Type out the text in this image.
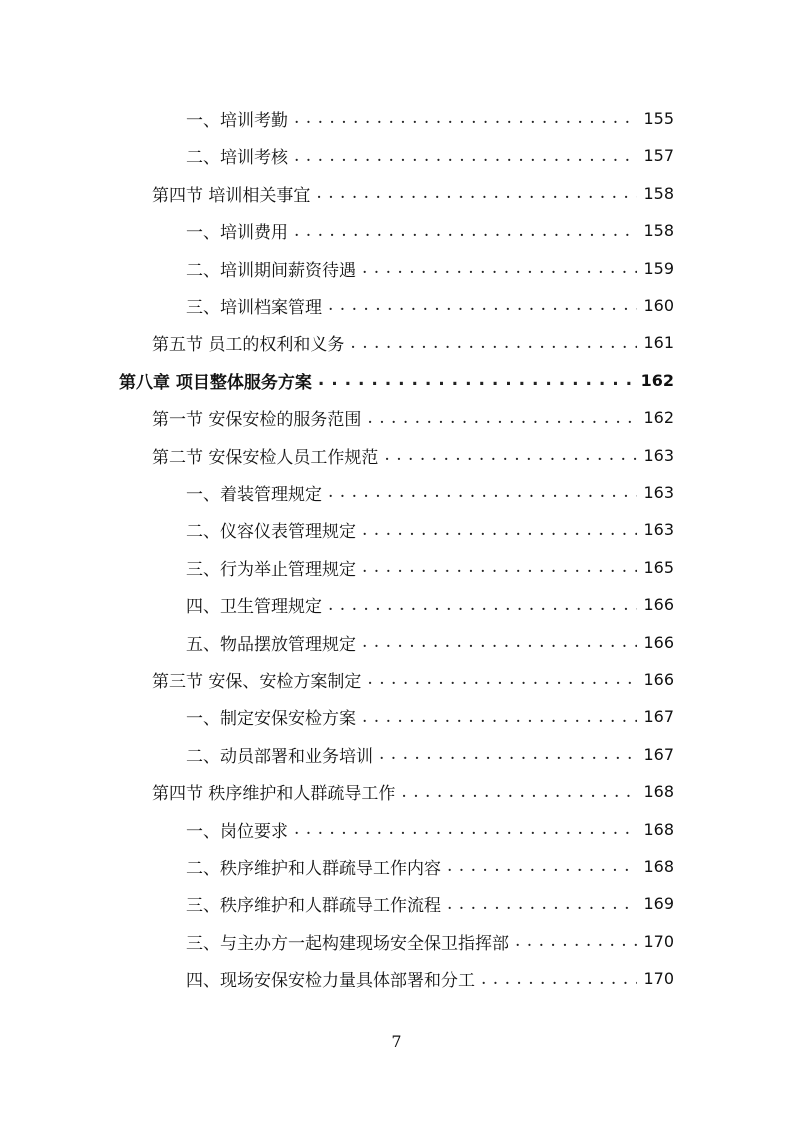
一、培训考勤 . . .	155
二、培训考核 . . .	157
第四节 培训相关事宜 . . .	158
一、培训费用 . . .	158
二、培训期间薪资待遇 . . .	159
三、培训档案管理 . . .	160
第五节 员工的权利和义务 . . .	161
第八章 项目整体服务方案 . . .	162
第一节 安保安检的服务范围 . . .	162
第二节 安保安检人员工作规范 . . .	163
一、着装管理规定 . . .	163
二、仪容仪表管理规定 . . .	163
三、行为举止管理规定 . . .	165
四、卫生管理规定 . . .	166
五、物品摆放管理规定 . . .	166
第三节 安保、安检方案制定 . . .	166
一、制定安保安检方案 . . .	167
二、动员部署和业务培训 . . .	167
第四节 秩序维护和人群疏导工作 . . .	168
一、岗位要求 . . .	168
二、秩序维护和人群疏导工作内容 . . .	168
三、秩序维护和人群疏导工作流程 . . .	169
三、与主办方一起构建现场安全保卫指挥部 . . .	170
四、现场安保安检力量具体部署和分工 . . .	170
7
